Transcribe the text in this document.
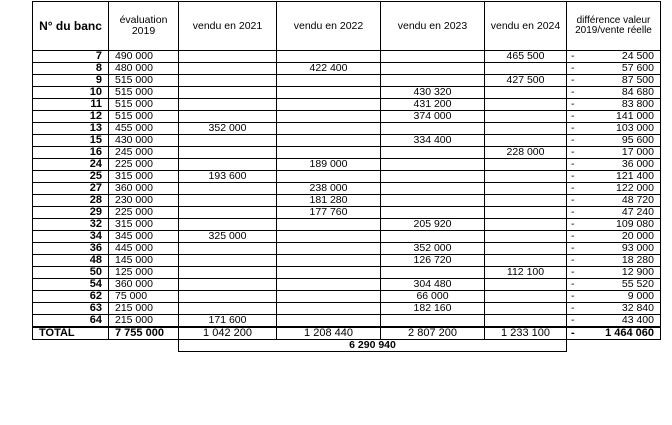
N° du banc	évaluation 2019	vendu en 2021	vendu en 2022	vendu en 2023	vendu en 2024	différence valeur 2019/vente réelle
7	490 000				465 500	- 24 500
8	480 000		422 400			- 57 600
9	515 000				427 500	- 87 500
10	515 000			430 320		- 84 680
11	515 000			431 200		- 83 800
12	515 000			374 000		- 141 000
13	455 000	352 000				- 103 000
15	430 000			334 400		- 95 600
16	245 000				228 000	- 17 000
24	225 000		189 000			- 36 000
25	315 000	193 600				- 121 400
27	360 000		238 000			- 122 000
28	230 000		181 280			- 48 720
29	225 000		177 760			- 47 240
32	315 000			205 920		- 109 080
34	345 000	325 000				- 20 000
36	445 000			352 000		- 93 000
48	145 000			126 720		- 18 280
50	125 000				112 100	- 12 900
54	360 000			304 480		- 55 520
62	75 000			66 000		- 9 000
63	215 000			182 160		- 32 840
64	215 000	171 600				- 43 400
TOTAL	7 755 000	1 042 200	1 208 440	2 807 200	1 233 100	- 1 464 060
		6 290 940				
